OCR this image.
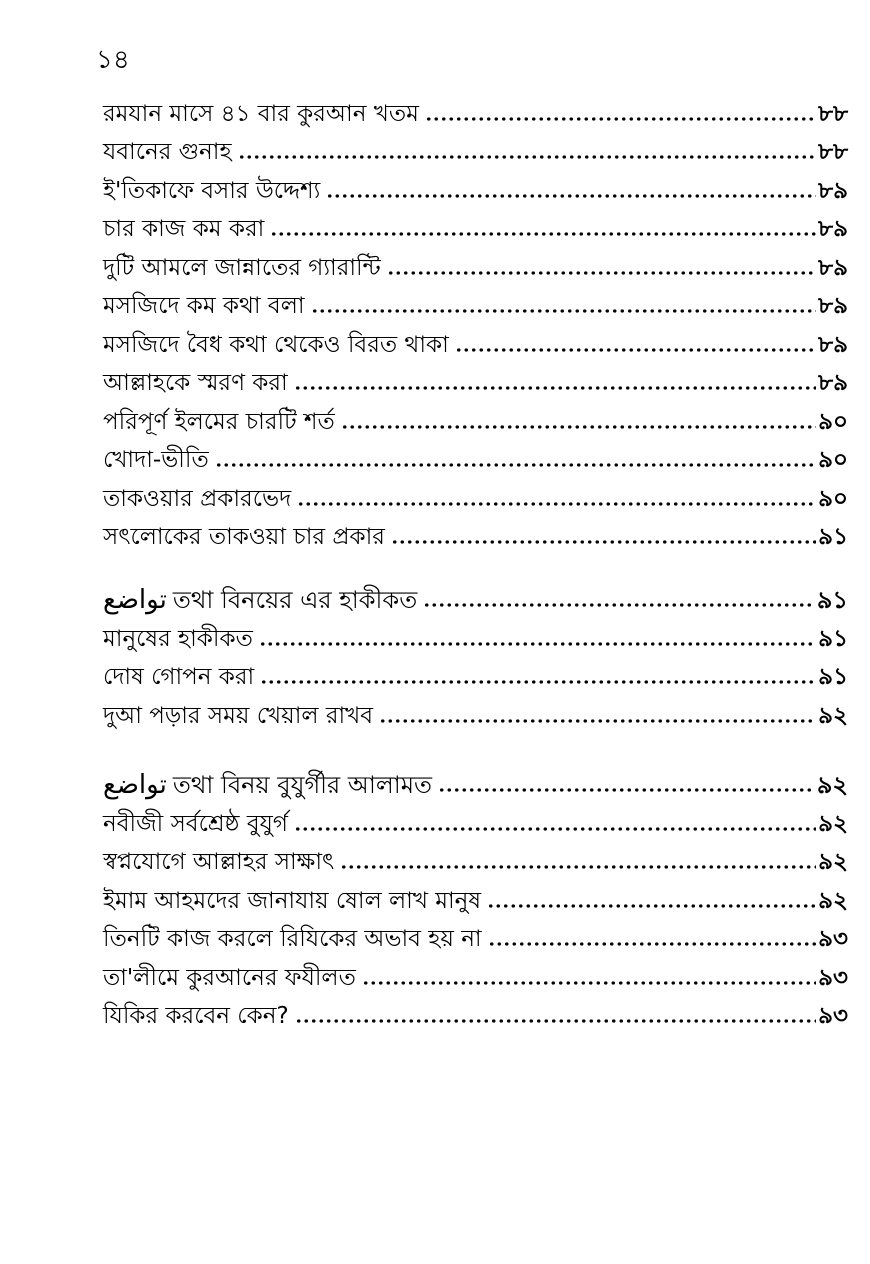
১৪
রমযান মাসে ৪১ বার কুরআন খতম	৮৮
যবানের গুনাহ	৮৮
ই'তিকাফে বসার উদ্দেশ্য	৮৯
চার কাজ কম করা	৮৯
দুটি আমলে জান্নাতের গ্যারান্টি	৮৯
মসজিদে কম কথা বলা	৮৯
মসজিদে বৈধ কথা থেকেও বিরত থাকা	৮৯
আল্লাহকে স্মরণ করা	৮৯
পরিপূর্ণ ইলমের চারটি শর্ত	৯০
খোদা-ভীতি	৯০
তাকওয়ার প্রকারভেদ	৯০
সৎলোকের তাকওয়া চার প্রকার	৯১
تواضع তথা বিনয়ের এর হাকীকত	৯১
মানুষের হাকীকত	৯১
দোষ গোপন করা	৯১
দুআ পড়ার সময় খেয়াল রাখব	৯২
تواضع তথা বিনয় বুযুর্গীর আলামত	৯২
নবীজী সর্বশ্রেষ্ঠ বুযুর্গ	৯২
স্বপ্নযোগে আল্লাহর সাক্ষাৎ	৯২
ইমাম আহমদের জানাযায় ষোল লাখ মানুষ	৯২
তিনটি কাজ করলে রিযিকের অভাব হয় না	৯৩
তা'লীমে কুরআনের ফযীলত	৯৩
যিকির করবেন কেন?	৯৩
